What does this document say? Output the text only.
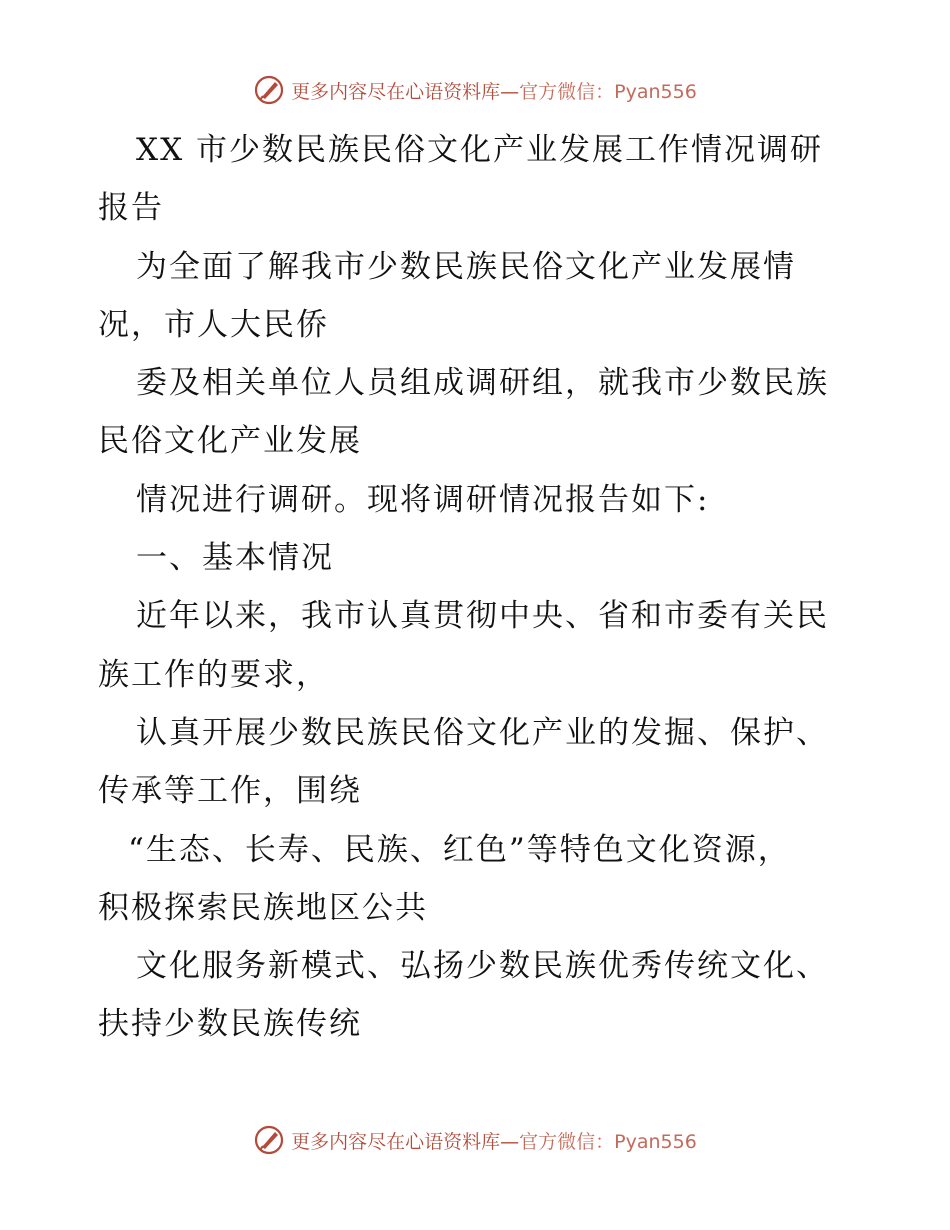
更多内容尽在心语资料库— 官方微信：Pyan556
XX 市少数民族民俗文化产业发展工作情况调研
报告
为全面了解我市少数民族民俗文化产业发展情
况，市人大民侨
委及相关单位人员组成调研组，就我市少数民族
民俗文化产业发展
情况进行调研。现将调研情况报告如下:
一、基本情况
近年以来，我市认真贯彻中央、省和市委有关民
族工作的要求，
认真开展少数民族民俗文化产业的发掘、保护、
传承等工作，围绕
“生态、长寿、民族、红色”等特色文化资源，
积极探索民族地区公共
文化服务新模式、弘扬少数民族优秀传统文化、
扶持少数民族传统
更多内容尽在心语资料库— 官方微信：Pyan556
